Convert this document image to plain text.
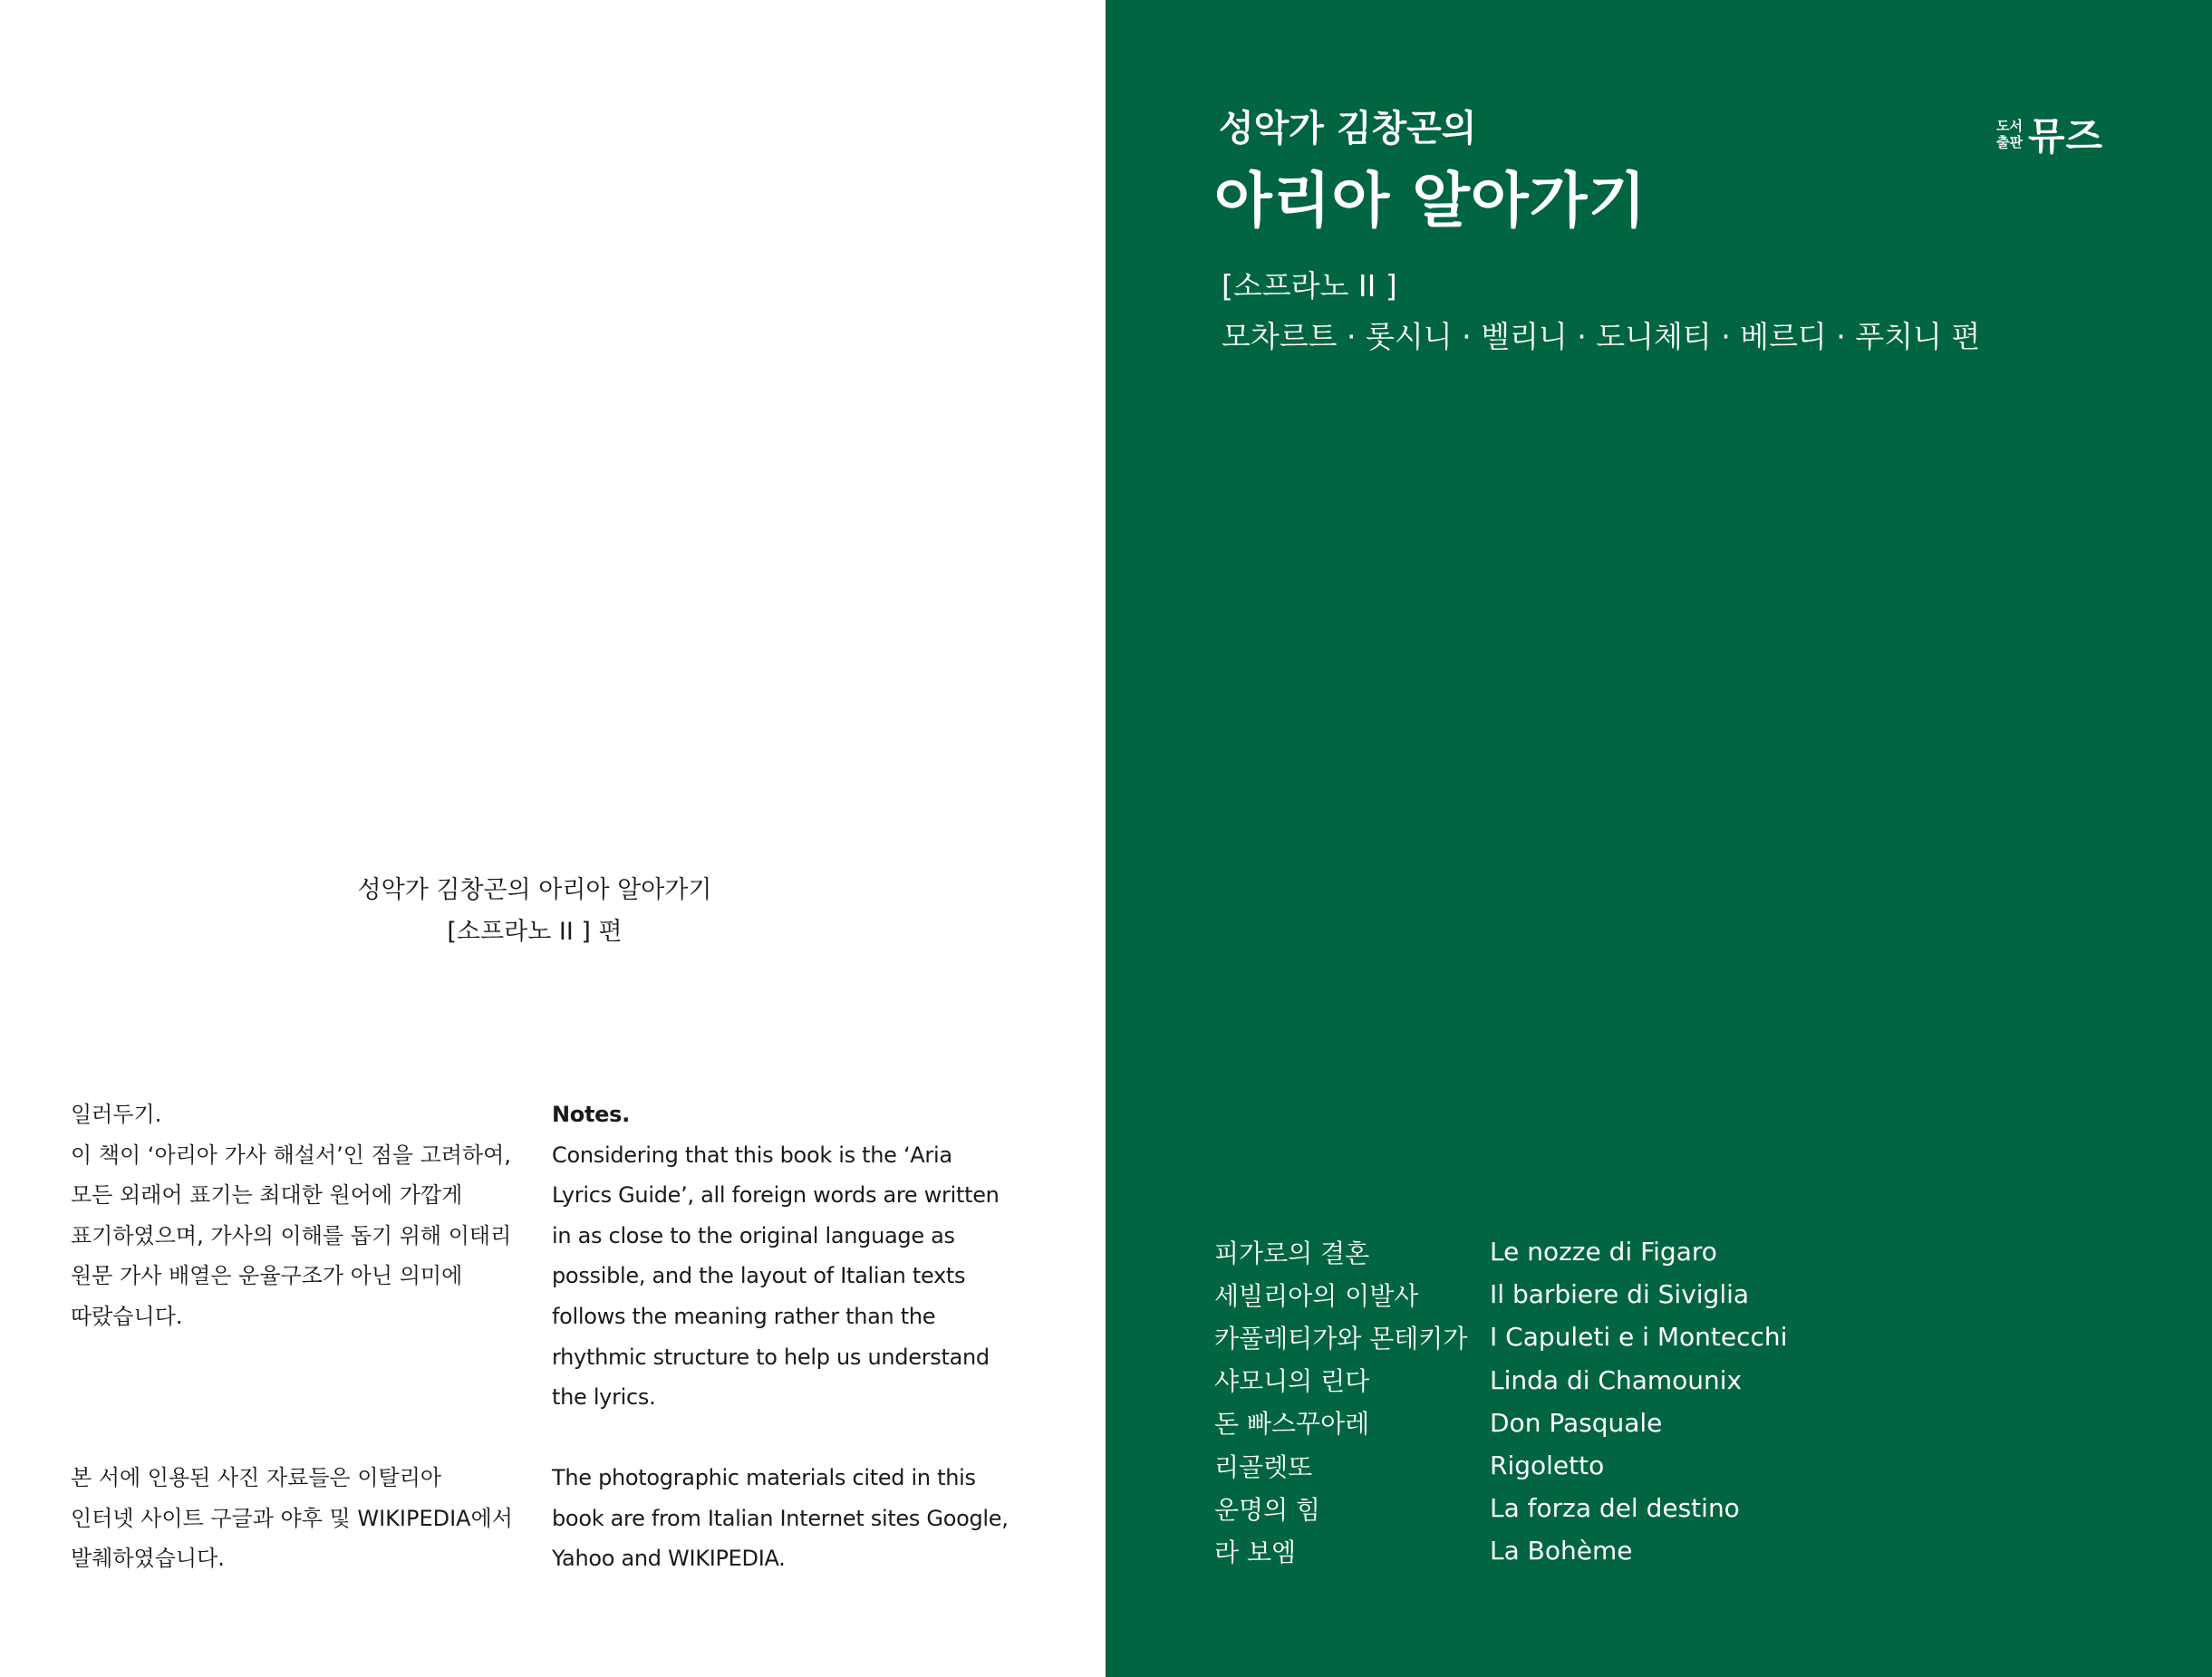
성악가 김창곤의 아리아 알아가기
[소프라노 II ] 편
일러두기.
이 책이 ‘아리아 가사 해설서’인 점을 고려하여,
모든 외래어 표기는 최대한 원어에 가깝게
표기하였으며, 가사의 이해를 돕기 위해 이태리
원문 가사 배열은 운율구조가 아닌 의미에
따랐습니다.
Notes.
Considering that this book is the ‘Aria
Lyrics Guide’, all foreign words are written
in as close to the original language as
possible, and the layout of Italian texts
follows the meaning rather than the
rhythmic structure to help us understand
the lyrics.
본 서에 인용된 사진 자료들은 이탈리아
인터넷 사이트 구글과 야후 및 WIKIPEDIA에서
발췌하였습니다.
The photographic materials cited in this
book are from Italian Internet sites Google,
Yahoo and WIKIPEDIA.
성악가 김창곤의
아리아 알아가기
[소프라노 II ]
모차르트 · 롯시니 · 벨리니 · 도니체티 · 베르디 · 푸치니 편
도서
출판 뮤즈
피가로의 결혼	Le nozze di Figaro
세빌리아의 이발사	Il barbiere di Siviglia
카풀레티가와 몬테키가 I Capuleti e i Montecchi
샤모니의 린다	Linda di Chamounix
돈 빠스꾸아레	Don Pasquale
리골렛또	Rigoletto
운명의 힘	La forza del destino
라 보엠	La Bohème
